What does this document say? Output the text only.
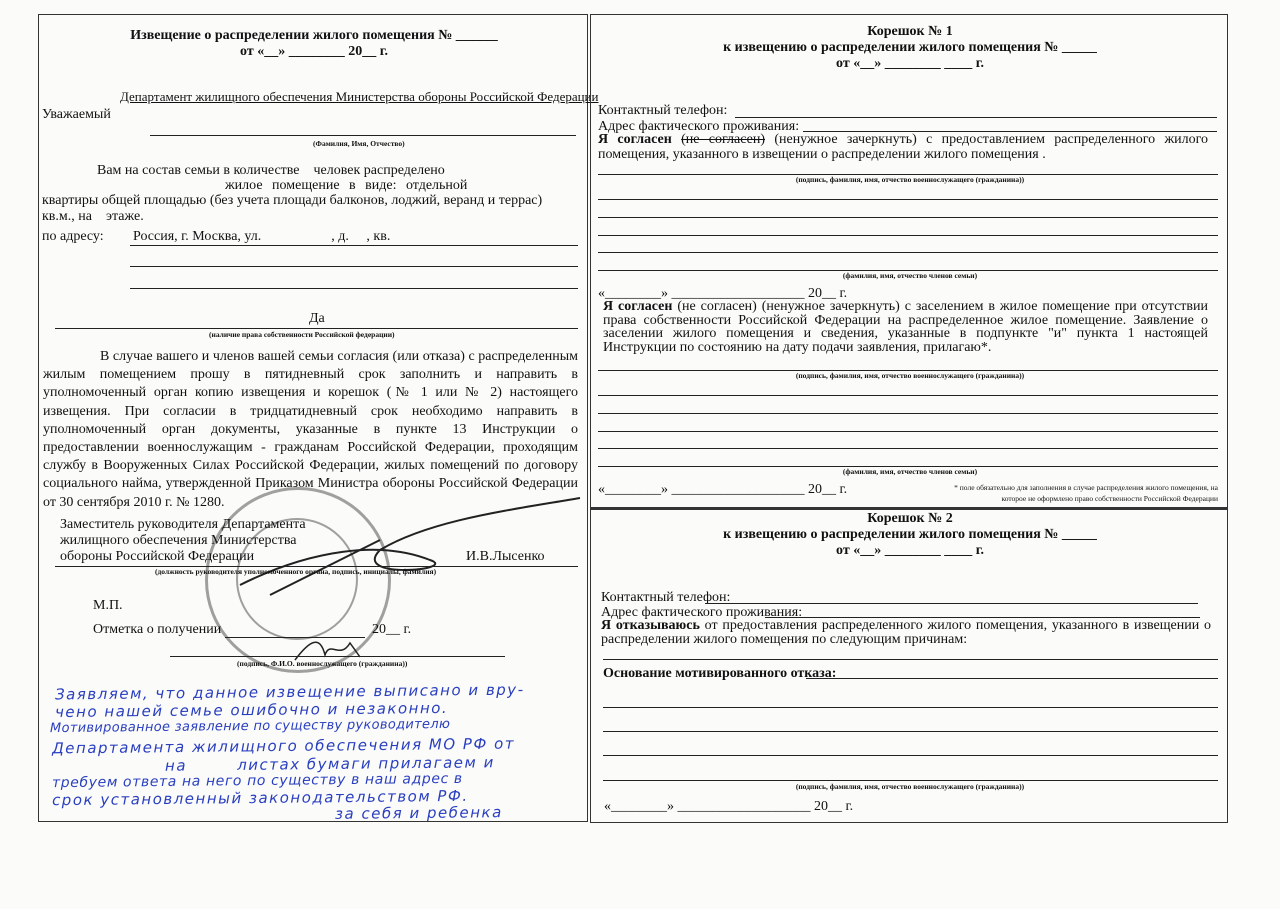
Извещение о распределении жилого помещения № ______
от «__» ________ 20__ г.
Департамент жилищного обеспечения Министерства обороны Российской Федерации
Уважаемый
(Фамилия, Имя, Отчество)
Вам на состав семьи в количестве    человек распределено
жилое помещение в виде: отдельной
квартиры общей площадью (без учета площади балконов, лоджий, веранд и террас)
кв.м., на    этаже.
по адресу: Россия, г. Москва, ул.                    , д.     , кв.
Да
(наличие права собственности Российской федерации)
В случае вашего и членов вашей семьи согласия (или отказа) с распределенным жилым помещением прошу в пятидневный срок заполнить и направить в уполномоченный орган копию извещения и корешок (№ 1 или № 2) настоящего извещения. При согласии в тридцатидневный срок необходимо направить в уполномоченный орган документы, указанные в пункте 13 Инструкции о предоставлении военнослужащим - гражданам Российской Федерации, проходящим службу в Вооруженных Силах Российской Федерации, жилых помещений по договору социального найма, утвержденной Приказом Министра обороны Российской Федерации от 30 сентября 2010 г. № 1280.
Заместитель руководителя Департамента
жилищного обеспечения Министерства
обороны Российской Федерации	И.В.Лысенко
(должность руководителя уполномоченного органа, подпись, инициалы, фамилия)
М.П.
Отметка о получении	20__ г.
(подпись, Ф.И.О. военнослужащего (гражданина))
Заявляем, что данное извещение выписано и вру-
чено нашей семье ошибочно и незаконно.
Мотивированное заявление по существу руководителю
Департамента жилищного обеспечения МО РФ от
на        листах бумаги прилагаем и
требуем ответа на него по существу в наш адрес в
срок установленный законодательством РФ.
за себя и ребенка
Корешок № 1
к извещению о распределении жилого помещения № _____
от «__» ________ ____ г.
Контактный телефон:
Адрес фактического проживания:
Я согласен (не согласен) (ненужное зачеркнуть) с предоставлением распределенного жилого помещения, указанного в извещении о распределении жилого помещения .
(подпись, фамилия, имя, отчество военнослужащего (гражданина))
(фамилия, имя, отчество членов семьи)
«________» ___________________ 20__ г.
Я согласен (не согласен) (ненужное зачеркнуть) с заселением в жилое помещение при отсутствии права собственности Российской Федерации на распределенное жилое помещение. Заявление о заселении жилого помещения и сведения, указанные в подпункте "и" пункта 1 настоящей Инструкции по состоянию на дату подачи заявления, прилагаю*.
(подпись, фамилия, имя, отчество военнослужащего (гражданина))
(фамилия, имя, отчество членов семьи)
«________» ___________________ 20__ г.	* поле обязательно для заполнения в случае распределения жилого помещения, на
которое не оформлено право собственности Российской Федерации
Корешок № 2
к извещению о распределении жилого помещения № _____
от «__» ________ ____ г.
Контактный телефон:
Адрес фактического проживания:
Я отказываюсь от предоставления распределенного жилого помещения, указанного в извещении о распределении жилого помещения по следующим причинам:
Основание мотивированного отказа:
(подпись, фамилия, имя, отчество военнослужащего (гражданина))
«________» ___________________ 20__ г.
